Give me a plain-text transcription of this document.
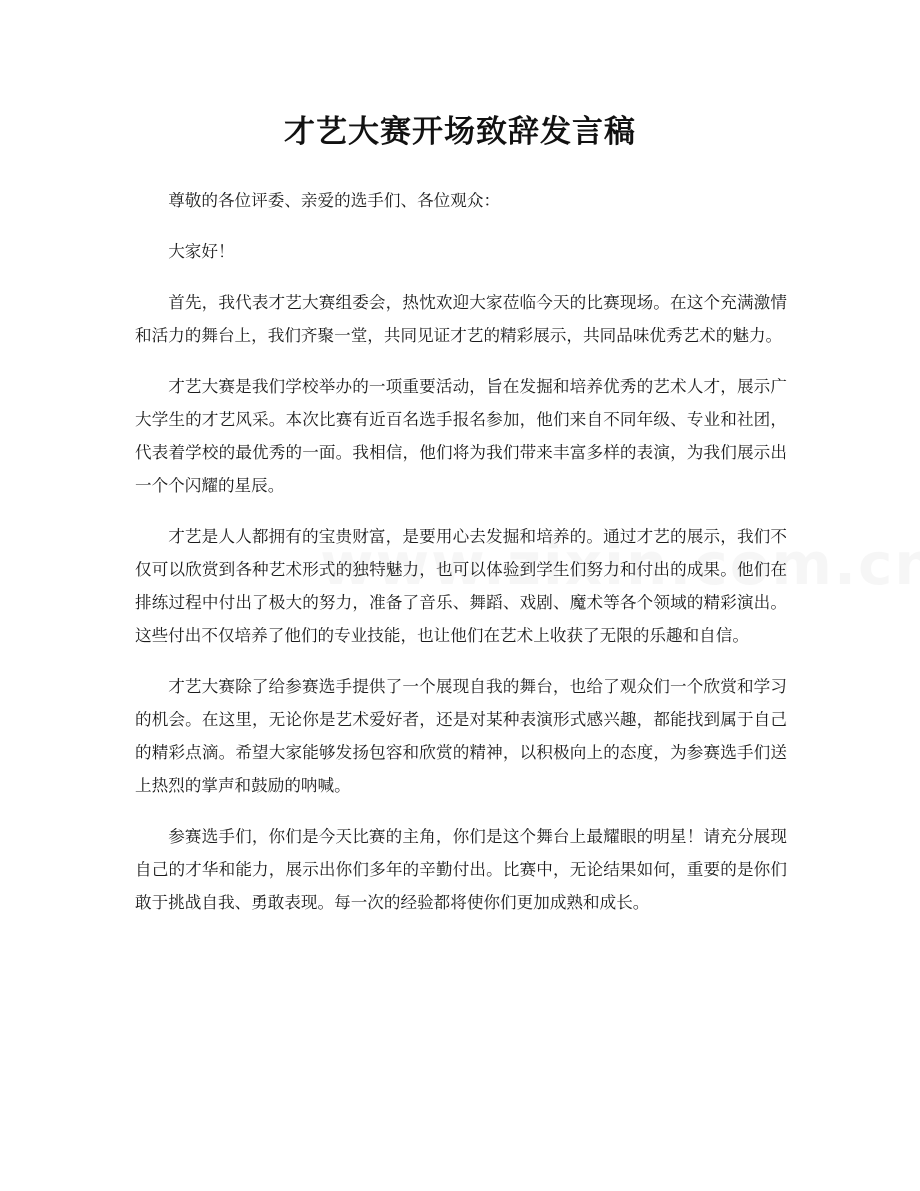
才艺大赛开场致辞发言稿

尊敬的各位评委、亲爱的选手们、各位观众：

大家好！

首先，我代表才艺大赛组委会，热忱欢迎大家莅临今天的比赛现场。在这个充满激情和活力的舞台上，我们齐聚一堂，共同见证才艺的精彩展示，共同品味优秀艺术的魅力。

才艺大赛是我们学校举办的一项重要活动，旨在发掘和培养优秀的艺术人才，展示广大学生的才艺风采。本次比赛有近百名选手报名参加，他们来自不同年级、专业和社团，代表着学校的最优秀的一面。我相信，他们将为我们带来丰富多样的表演，为我们展示出一个个闪耀的星辰。

才艺是人人都拥有的宝贵财富，是要用心去发掘和培养的。通过才艺的展示，我们不仅可以欣赏到各种艺术形式的独特魅力，也可以体验到学生们努力和付出的成果。他们在排练过程中付出了极大的努力，准备了音乐、舞蹈、戏剧、魔术等各个领域的精彩演出。这些付出不仅培养了他们的专业技能，也让他们在艺术上收获了无限的乐趣和自信。

才艺大赛除了给参赛选手提供了一个展现自我的舞台，也给了观众们一个欣赏和学习的机会。在这里，无论你是艺术爱好者，还是对某种表演形式感兴趣，都能找到属于自己的精彩点滴。希望大家能够发扬包容和欣赏的精神，以积极向上的态度，为参赛选手们送上热烈的掌声和鼓励的呐喊。

参赛选手们，你们是今天比赛的主角，你们是这个舞台上最耀眼的明星！请充分展现自己的才华和能力，展示出你们多年的辛勤付出。比赛中，无论结果如何，重要的是你们敢于挑战自我、勇敢表现。每一次的经验都将使你们更加成熟和成长。
